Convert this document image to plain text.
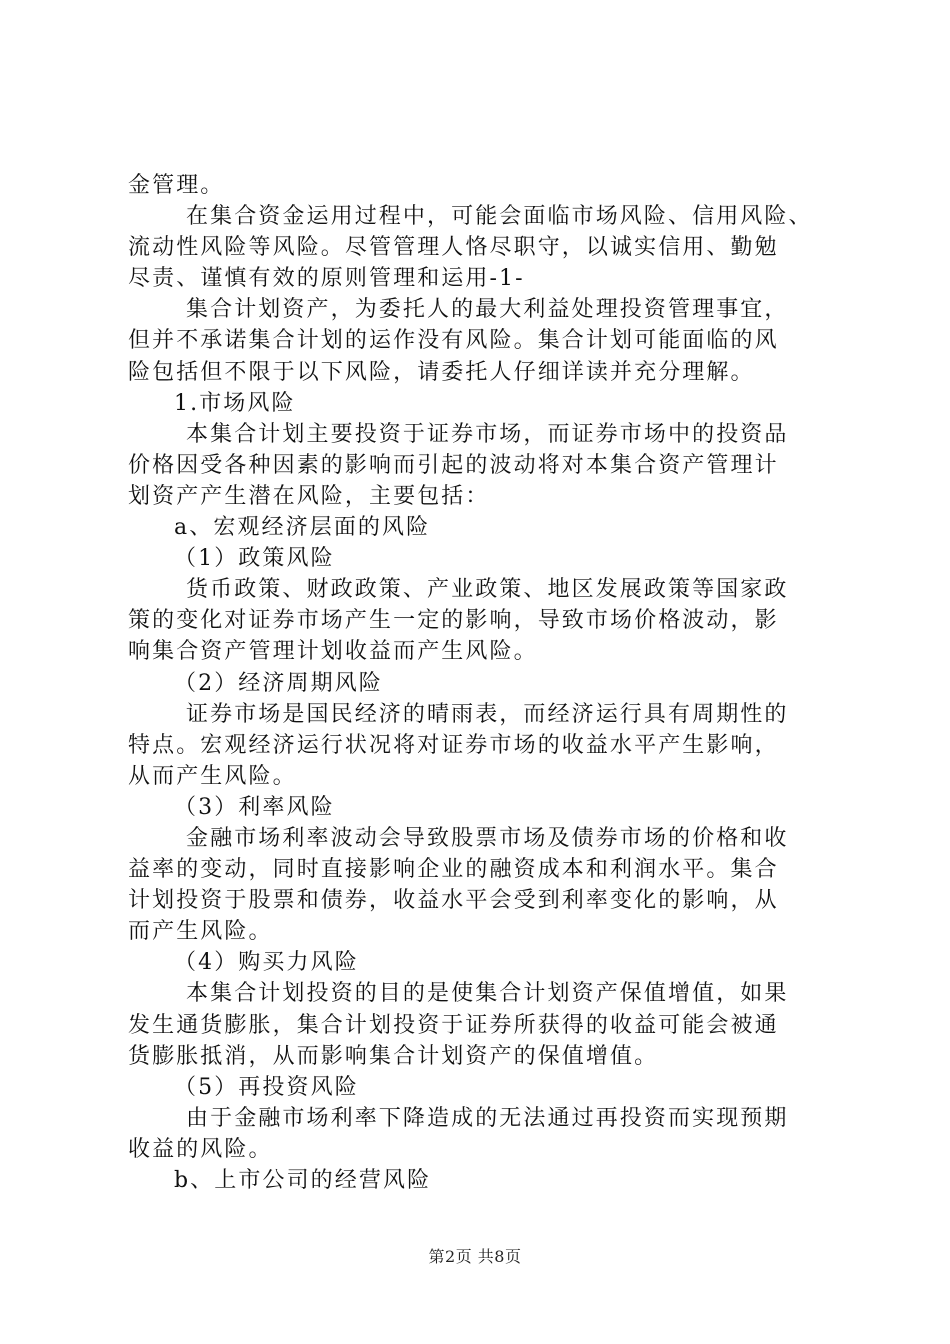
金管理。
在集合资金运用过程中，可能会面临市场风险、信用风险、
流动性风险等风险。尽管管理人恪尽职守，以诚实信用、勤勉
尽责、谨慎有效的原则管理和运用-1-
集合计划资产，为委托人的最大利益处理投资管理事宜，
但并不承诺集合计划的运作没有风险。集合计划可能面临的风
险包括但不限于以下风险，请委托人仔细详读并充分理解。
1.市场风险
本集合计划主要投资于证券市场，而证券市场中的投资品
价格因受各种因素的影响而引起的波动将对本集合资产管理计
划资产产生潜在风险，主要包括：
a、宏观经济层面的风险
（1）政策风险
货币政策、财政政策、产业政策、地区发展政策等国家政
策的变化对证券市场产生一定的影响，导致市场价格波动，影
响集合资产管理计划收益而产生风险。
（2）经济周期风险
证券市场是国民经济的晴雨表，而经济运行具有周期性的
特点。宏观经济运行状况将对证券市场的收益水平产生影响，
从而产生风险。
（3）利率风险
金融市场利率波动会导致股票市场及债券市场的价格和收
益率的变动，同时直接影响企业的融资成本和利润水平。集合
计划投资于股票和债券，收益水平会受到利率变化的影响，从
而产生风险。
（4）购买力风险
本集合计划投资的目的是使集合计划资产保值增值，如果
发生通货膨胀，集合计划投资于证券所获得的收益可能会被通
货膨胀抵消，从而影响集合计划资产的保值增值。
（5）再投资风险
由于金融市场利率下降造成的无法通过再投资而实现预期
收益的风险。
b、上市公司的经营风险
第2页 共8页
